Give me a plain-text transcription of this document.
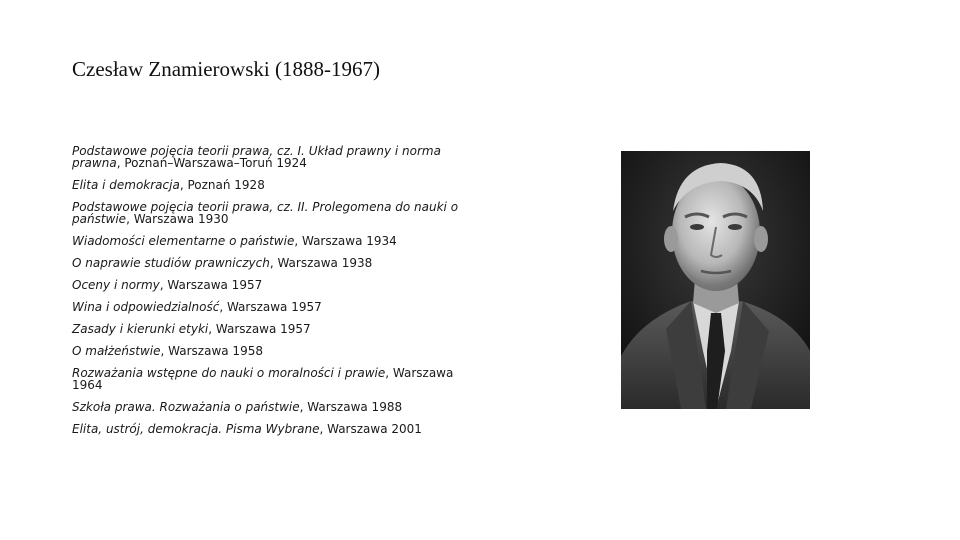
Czesław Znamierowski (1888-1967)
Podstawowe pojęcia teorii prawa, cz. I. Układ prawny i norma prawna, Poznań–Warszawa–Toruń 1924
Elita i demokracja, Poznań 1928
Podstawowe pojęcia teorii prawa, cz. II. Prolegomena do nauki o państwie, Warszawa 1930
Wiadomości elementarne o państwie, Warszawa 1934
O naprawie studiów prawniczych, Warszawa 1938
Oceny i normy, Warszawa 1957
Wina i odpowiedzialność, Warszawa 1957
Zasady i kierunki etyki, Warszawa 1957
O małżeństwie, Warszawa 1958
Rozważania wstępne do nauki o moralności i prawie, Warszawa 1964
Szkoła prawa. Rozważania o państwie, Warszawa 1988
Elita, ustrój, demokracja. Pisma Wybrane, Warszawa 2001
